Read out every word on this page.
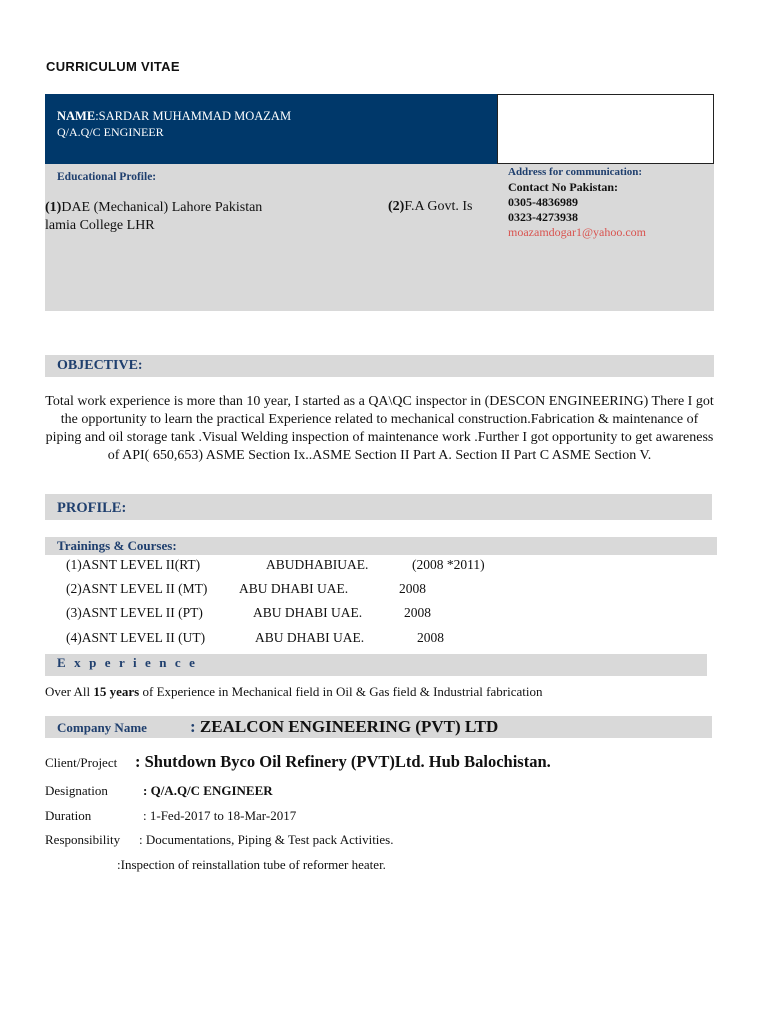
CURRICULUM VITAE
NAME:SARDAR MUHAMMAD MOAZAM
Q/A.Q/C ENGINEER
Educational Profile:
(1)DAE (Mechanical) Lahore Pakistan
lamia College LHR
(2)F.A Govt. Is
Address for communication:
Contact No Pakistan:
0305-4836989
0323-4273938
moazamdogar1@yahoo.com
OBJECTIVE:
Total work experience is more than 10 year, I started as a QA\QC inspector in (DESCON ENGINEERING) There I got the opportunity to learn the practical Experience related to mechanical construction.Fabrication & maintenance of piping and oil storage tank .Visual Welding inspection of maintenance work .Further I got opportunity to get awareness of API( 650,653) ASME Section Ix..ASME Section II Part A. Section II Part C ASME Section V.
PROFILE:
Trainings & Courses:
(1)ASNT LEVEL II(RT)	ABUDHABIUAE.	(2008 *2011)
(2)ASNT LEVEL II (MT) ABU DHABI UAE.	2008
(3)ASNT LEVEL II (PT)	ABU DHABI UAE.	2008
(4)ASNT LEVEL II (UT)	ABU DHABI UAE.	2008
E x p e r i e n c e
Over All 15 years of Experience in Mechanical field in Oil & Gas field & Industrial fabrication
Company Name	: ZEALCON ENGINEERING (PVT) LTD
Client/Project : Shutdown Byco Oil Refinery (PVT)Ltd. Hub Balochistan.
Designation	: Q/A.Q/C ENGINEER
Duration	: 1-Fed-2017 to 18-Mar-2017
Responsibility : Documentations, Piping & Test pack Activities.
:Inspection of reinstallation tube of reformer heater.
